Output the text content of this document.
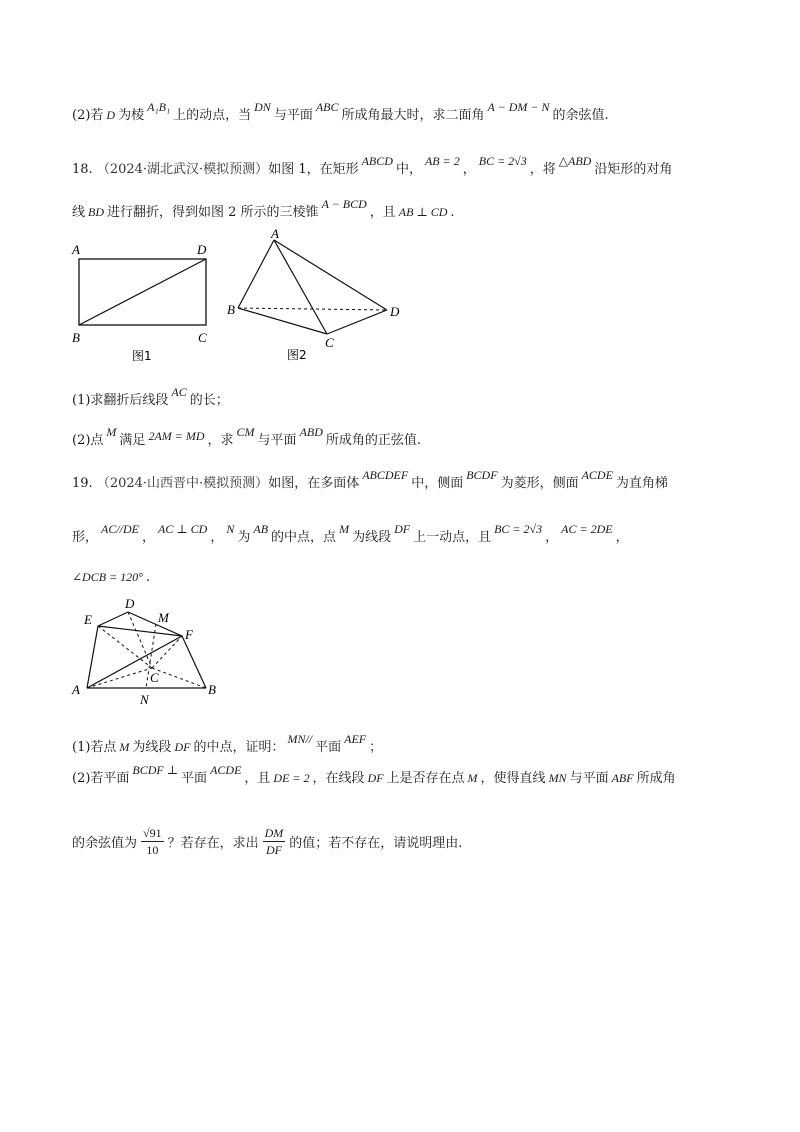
(2)若 D 为棱A₁B₁上的动点，当DN与平面ABC所成角最大时，求二面角A − DM − N的余弦值.
18. （2024·湖北武汉·模拟预测）如图 1，在矩形ABCD中，AB = 2，BC = 2√3，将△ABD沿矩形的对角
线 BD 进行翻折，得到如图 2 所示的三棱锥A − BCD，且 AB ⊥ CD .
A	D
B	C
图1
A
B	D
C
图2
(1)求翻折后线段AC的长；
(2)点M满足 2AM = MD ，求CM与平面ABD所成角的正弦值.
19. （2024·山西晋中·模拟预测）如图，在多面体ABCDEF中，侧面BCDF为菱形，侧面ACDE为直角梯
形，AC//DE，AC ⊥ CD，N为AB的中点，点M为线段DF上一动点，且BC = 2√3，AC = 2DE，
∠DCB = 120° .
E
D
M
F
C
A
N
B
(1)若点 M 为线段 DF 的中点，证明：MN//平面AEF；
(2)若平面BCDF ⊥平面ACDE，且 DE = 2 ，在线段 DF 上是否存在点 M ，使得直线 MN 与平面 ABF 所成角
的余弦值为 $\frac{√91}{10}$ ？若存在，求出 $\frac{DM}{DF}$ 的值；若不存在，请说明理由.
